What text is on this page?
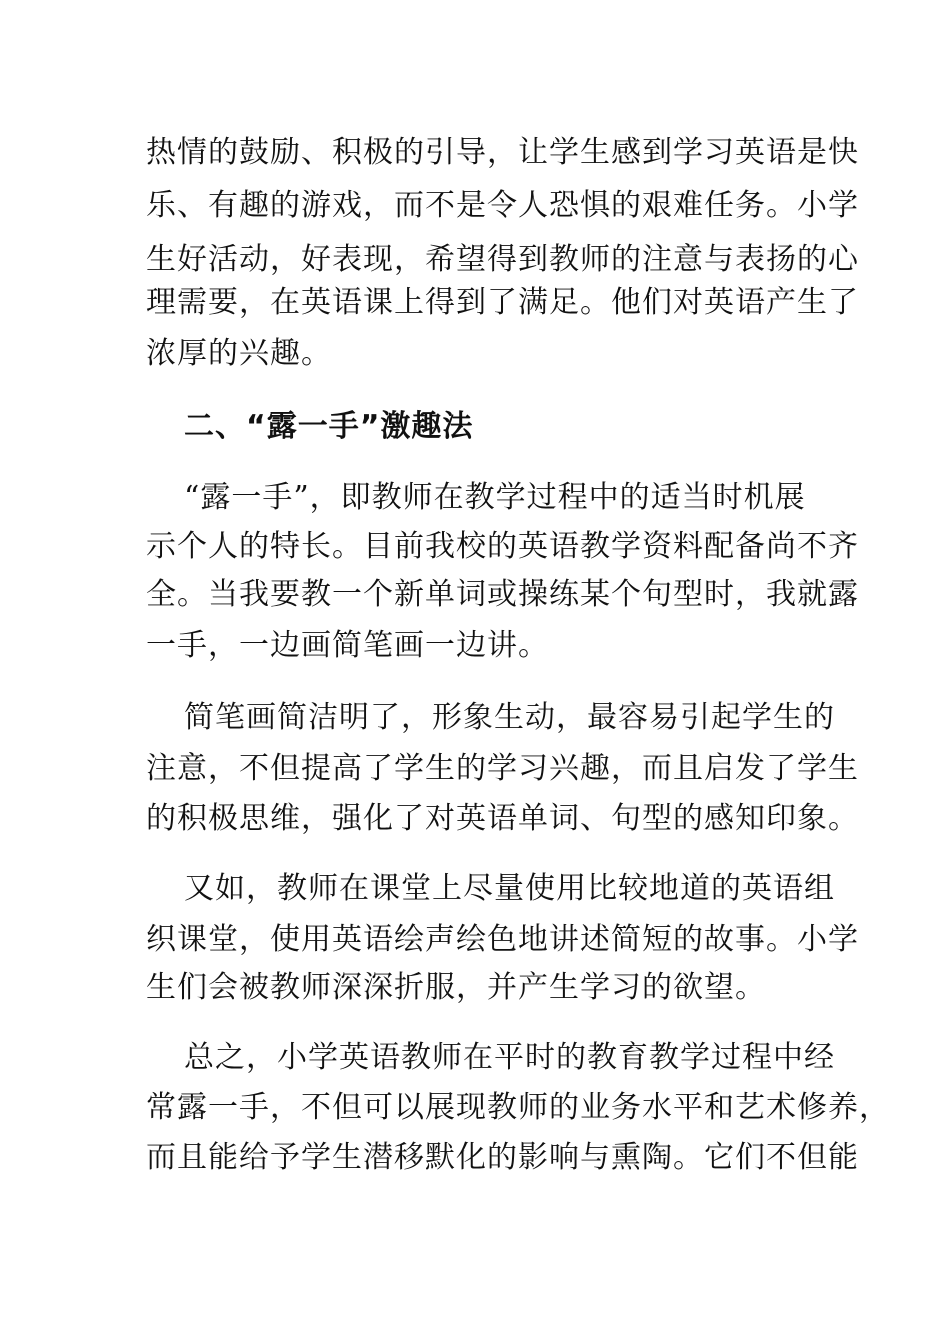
热情的鼓励、积极的引导，让学生感到学习英语是快
乐、有趣的游戏，而不是令人恐惧的艰难任务。小学
生好活动，好表现，希望得到教师的注意与表扬的心
理需要，在英语课上得到了满足。他们对英语产生了
浓厚的兴趣。
二、“露一手”激趣法
“露一手”，即教师在教学过程中的适当时机展
示个人的特长。目前我校的英语教学资料配备尚不齐
全。当我要教一个新单词或操练某个句型时，我就露
一手，一边画简笔画一边讲。
简笔画简洁明了，形象生动，最容易引起学生的
注意，不但提高了学生的学习兴趣，而且启发了学生
的积极思维，强化了对英语单词、句型的感知印象。
又如，教师在课堂上尽量使用比较地道的英语组
织课堂，使用英语绘声绘色地讲述简短的故事。小学
生们会被教师深深折服，并产生学习的欲望。
总之，小学英语教师在平时的教育教学过程中经
常露一手，不但可以展现教师的业务水平和艺术修养，
而且能给予学生潜移默化的影响与熏陶。它们不但能
